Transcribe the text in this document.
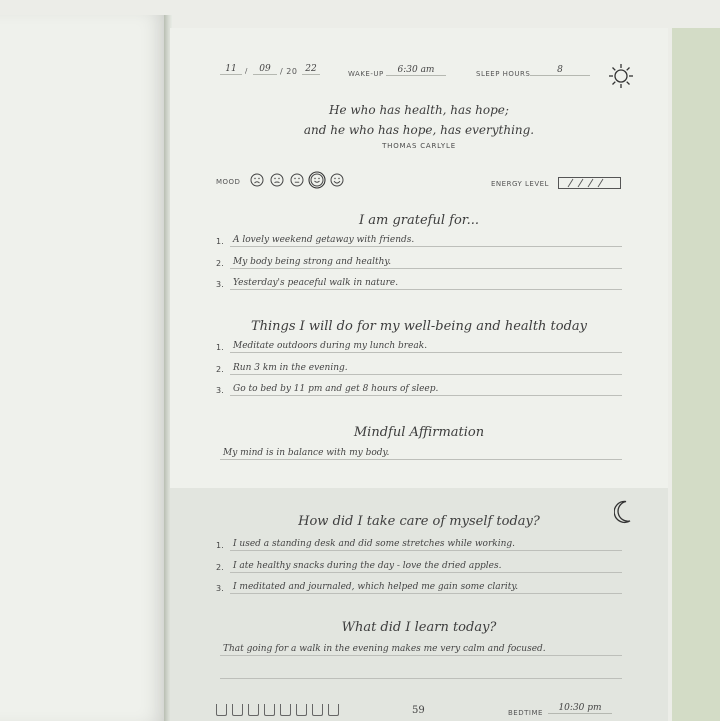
11	/	09	/ 20 22	WAKE-UP	6:30 am	SLEEP HOURS	8
He who has health, has hope;
and he who has hope, has everything.
THOMAS CARLYLE
MOOD	ENERGY LEVEL
I am grateful for...
1. A lovely weekend getaway with friends.
2. My body being strong and healthy.
3. Yesterday's peaceful walk in nature.
Things I will do for my well-being and health today
1. Meditate outdoors during my lunch break.
2. Run 3 km in the evening.
3. Go to bed by 11 pm and get 8 hours of sleep.
Mindful Affirmation
My mind is in balance with my body.
How did I take care of myself today?
1. I used a standing desk and did some stretches while working.
2. I ate healthy snacks during the day - love the dried apples.
3. I meditated and journaled, which helped me gain some clarity.
What did I learn today?
That going for a walk in the evening makes me very calm and focused.
59	BEDTIME	10:30 pm
